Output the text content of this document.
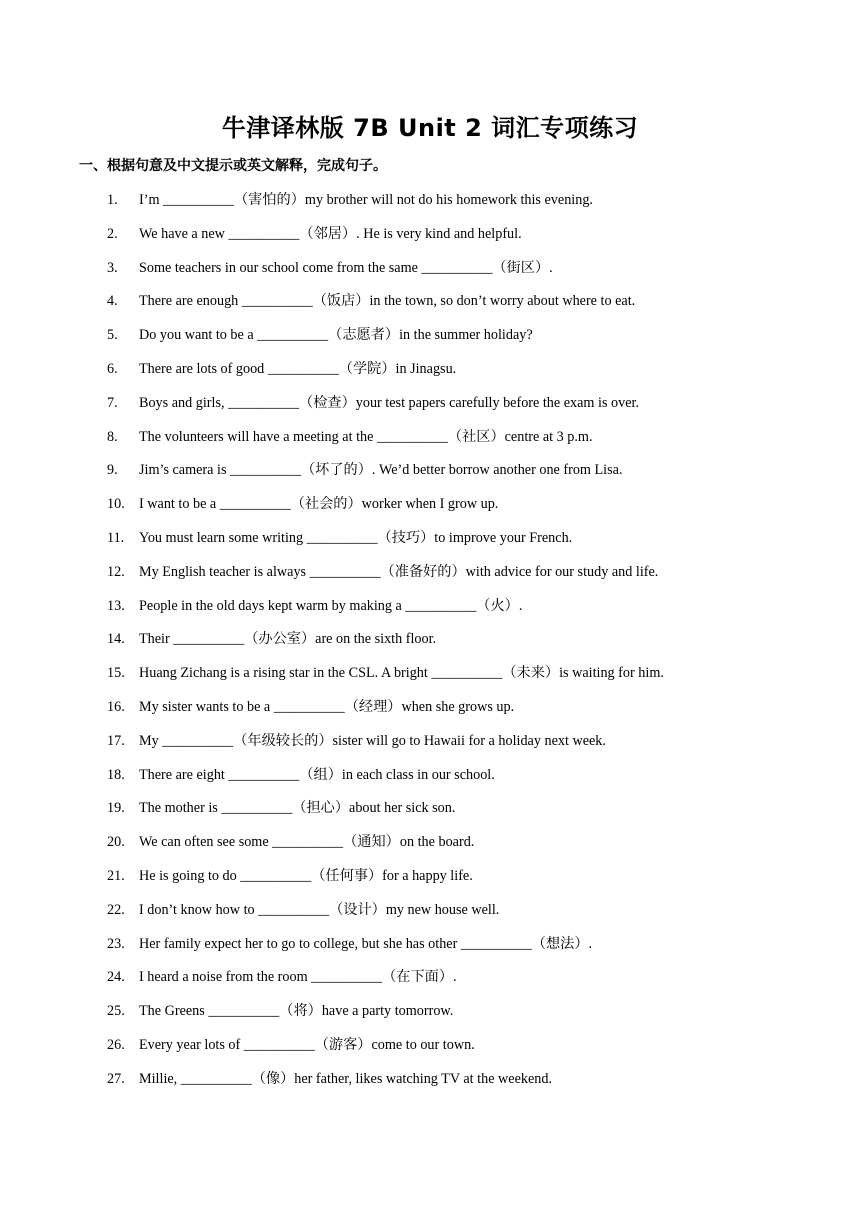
牛津译林版 7B Unit 2 词汇专项练习
一、根据句意及中文提示或英文解释，完成句子。
1. I’m __________（害怕的）my brother will not do his homework this evening.
2. We have a new __________（邻居）. He is very kind and helpful.
3. Some teachers in our school come from the same __________（街区）.
4. There are enough __________（饭店）in the town, so don’t worry about where to eat.
5. Do you want to be a __________（志愿者）in the summer holiday?
6. There are lots of good __________（学院）in Jinagsu.
7. Boys and girls, __________（检查）your test papers carefully before the exam is over.
8. The volunteers will have a meeting at the __________（社区）centre at 3 p.m.
9. Jim’s camera is __________（坏了的）. We’d better borrow another one from Lisa.
10. I want to be a __________（社会的）worker when I grow up.
11. You must learn some writing __________（技巧）to improve your French.
12. My English teacher is always __________（准备好的）with advice for our study and life.
13. People in the old days kept warm by making a __________（火）.
14. Their __________（办公室）are on the sixth floor.
15. Huang Zichang is a rising star in the CSL. A bright __________（未来）is waiting for him.
16. My sister wants to be a __________（经理）when she grows up.
17. My __________（年级较长的）sister will go to Hawaii for a holiday next week.
18. There are eight __________（组）in each class in our school.
19. The mother is __________（担心）about her sick son.
20. We can often see some __________（通知）on the board.
21. He is going to do __________（任何事）for a happy life.
22. I don’t know how to __________（设计）my new house well.
23. Her family expect her to go to college, but she has other __________（想法）.
24. I heard a noise from the room __________（在下面）.
25. The Greens __________（将）have a party tomorrow.
26. Every year lots of __________（游客）come to our town.
27. Millie, __________（像）her father, likes watching TV at the weekend.
